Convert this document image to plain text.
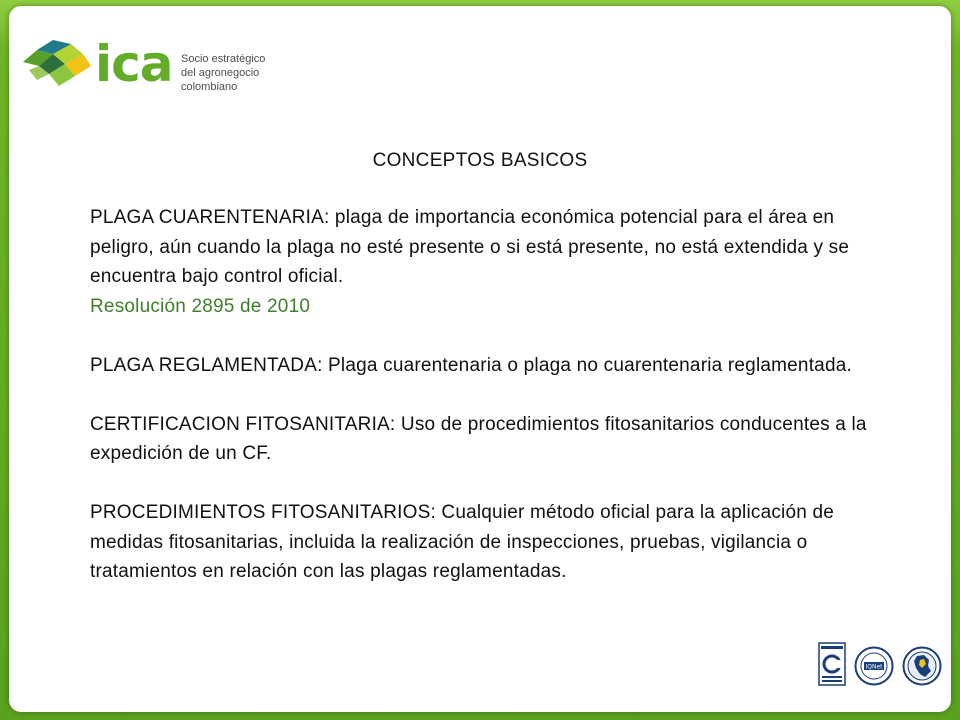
ica Socio estratégico
del agronegocio colombiano
CONCEPTOS BASICOS

PLAGA CUARENTENARIA: plaga de importancia económica potencial para el área en peligro, aún cuando la plaga no esté presente o si está presente, no está extendida y se encuentra bajo control oficial.
Resolución 2895 de 2010

PLAGA REGLAMENTADA: Plaga cuarentenaria o plaga no cuarentenaria reglamentada.

CERTIFICACION FITOSANITARIA: Uso de procedimientos fitosanitarios conducentes a la expedición de un CF.

PROCEDIMIENTOS FITOSANITARIOS: Cualquier método oficial para la aplicación de medidas fitosanitarias, incluida la realización de inspecciones, pruebas, vigilancia o tratamientos en relación con las plagas reglamentadas.

IQNet
